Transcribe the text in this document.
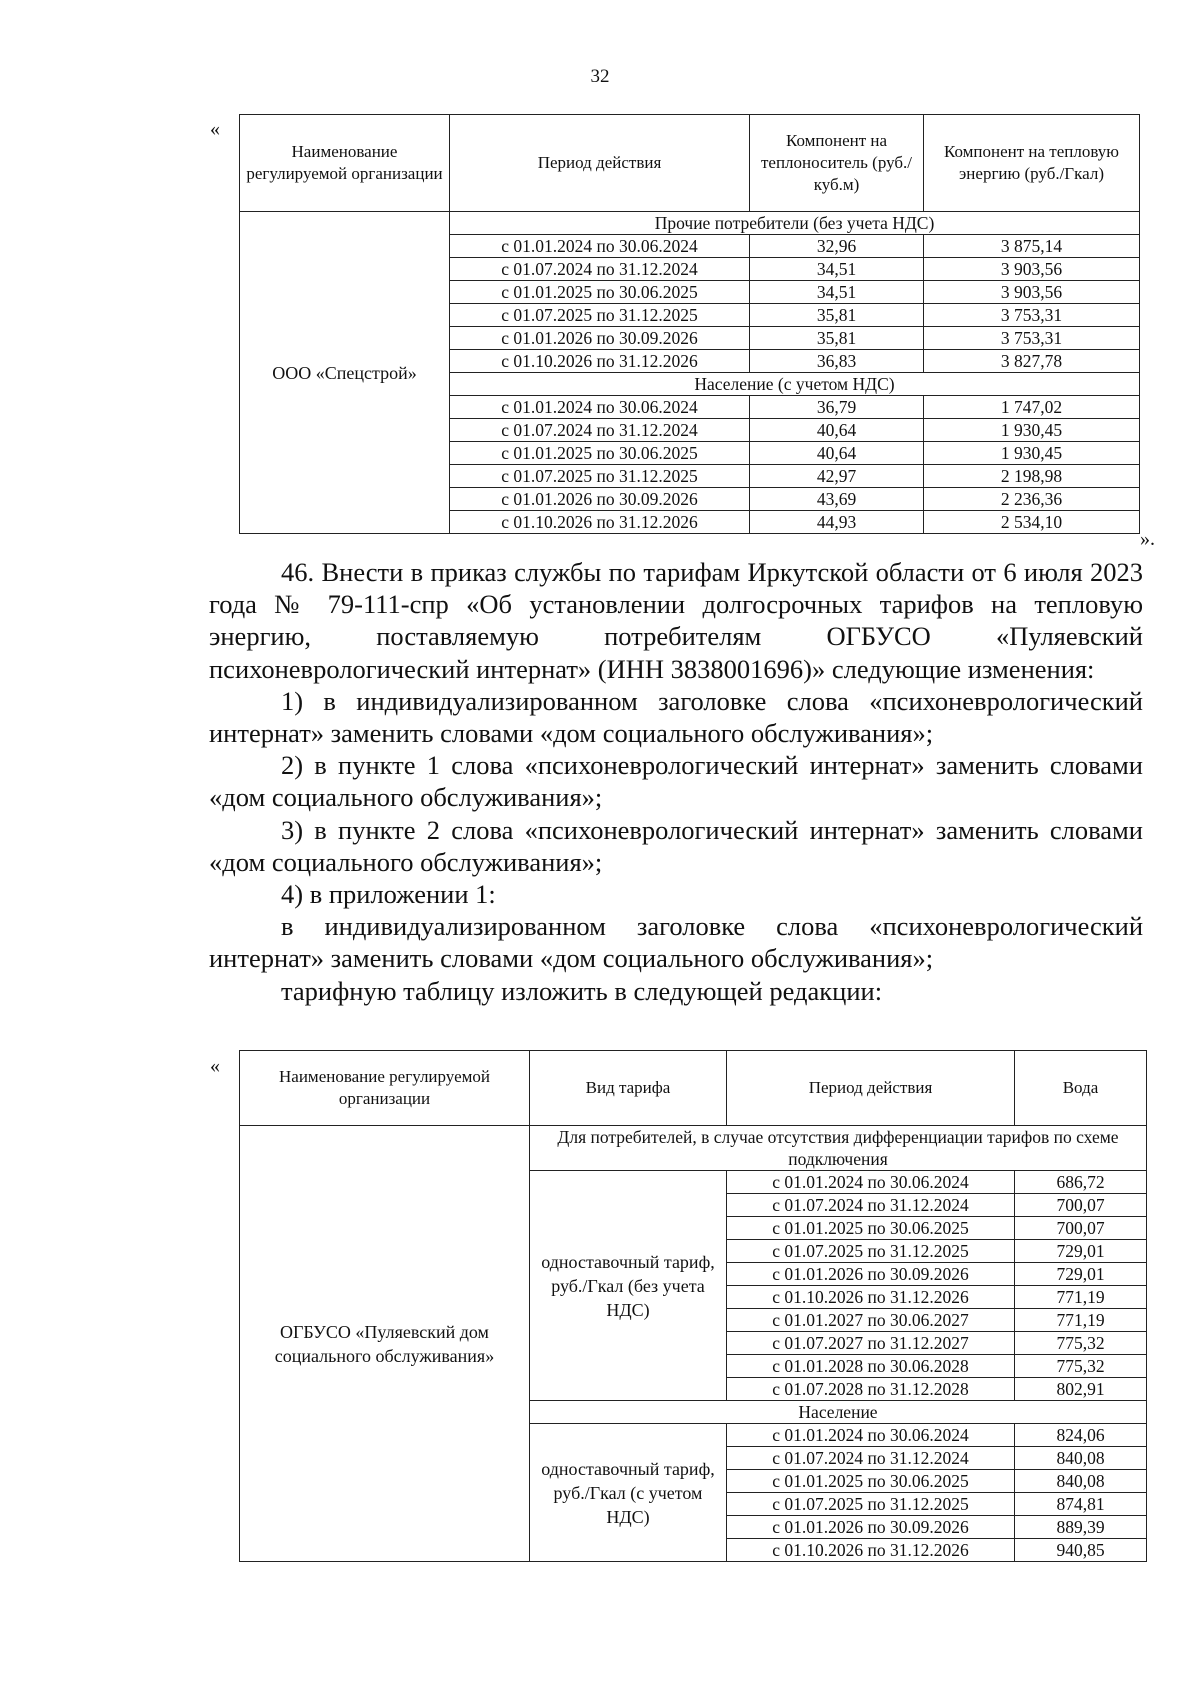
32
«
Наименование регулируемой организации	Период действия	Компонент на теплоноситель (руб./куб.м)	Компонент на тепловую энергию (руб./Гкал)
ООО «Спецстрой»	Прочие потребители (без учета НДС)		
	с 01.01.2024 по 30.06.2024	32,96	3 875,14
	с 01.07.2024 по 31.12.2024	34,51	3 903,56
	с 01.01.2025 по 30.06.2025	34,51	3 903,56
	с 01.07.2025 по 31.12.2025	35,81	3 753,31
	с 01.01.2026 по 30.09.2026	35,81	3 753,31
	с 01.10.2026 по 31.12.2026	36,83	3 827,78
	Население (с учетом НДС)		
	с 01.01.2024 по 30.06.2024	36,79	1 747,02
	с 01.07.2024 по 31.12.2024	40,64	1 930,45
	с 01.01.2025 по 30.06.2025	40,64	1 930,45
	с 01.07.2025 по 31.12.2025	42,97	2 198,98
	с 01.01.2026 по 30.09.2026	43,69	2 236,36
	с 01.10.2026 по 31.12.2026	44,93	2 534,10
».

46. Внести в приказ службы по тарифам Иркутской области от 6 июля 2023 года № 79-111-спр «Об установлении долгосрочных тарифов на тепловую энергию, поставляемую потребителям ОГБУСО «Пуляевский психоневрологический интернат» (ИНН 3838001696)» следующие изменения:

1) в индивидуализированном заголовке слова «психоневрологический интернат» заменить словами «дом социального обслуживания»;

2) в пункте 1 слова «психоневрологический интернат» заменить словами «дом социального обслуживания»;

3) в пункте 2 слова «психоневрологический интернат» заменить словами «дом социального обслуживания»;

4) в приложении 1:

в индивидуализированном заголовке слова «психоневрологический интернат» заменить словами «дом социального обслуживания»;

тарифную таблицу изложить в следующей редакции:

«	Наименование регулируемой организации	Вид тарифа	Период действия	Вода
ОГБУСО «Пуляевский дом социального обслуживания»	Для потребителей, в случае отсутствия дифференциации тарифов по схеме подключения		
	одноставочный тариф, руб./Гкал (без учета НДС)	с 01.01.2024 по 30.06.2024	686,72
		с 01.07.2024 по 31.12.2024	700,07
		с 01.01.2025 по 30.06.2025	700,07
		с 01.07.2025 по 31.12.2025	729,01
		с 01.01.2026 по 30.09.2026	729,01
		с 01.10.2026 по 31.12.2026	771,19
		с 01.01.2027 по 30.06.2027	771,19
		с 01.07.2027 по 31.12.2027	775,32
		с 01.01.2028 по 30.06.2028	775,32
		с 01.07.2028 по 31.12.2028	802,91
	Население		
	одноставочный тариф, руб./Гкал (с учетом НДС)	с 01.01.2024 по 30.06.2024	824,06
		с 01.07.2024 по 31.12.2024	840,08
		с 01.01.2025 по 30.06.2025	840,08
		с 01.07.2025 по 31.12.2025	874,81
		с 01.01.2026 по 30.09.2026	889,39
		с 01.10.2026 по 31.12.2026	940,85
